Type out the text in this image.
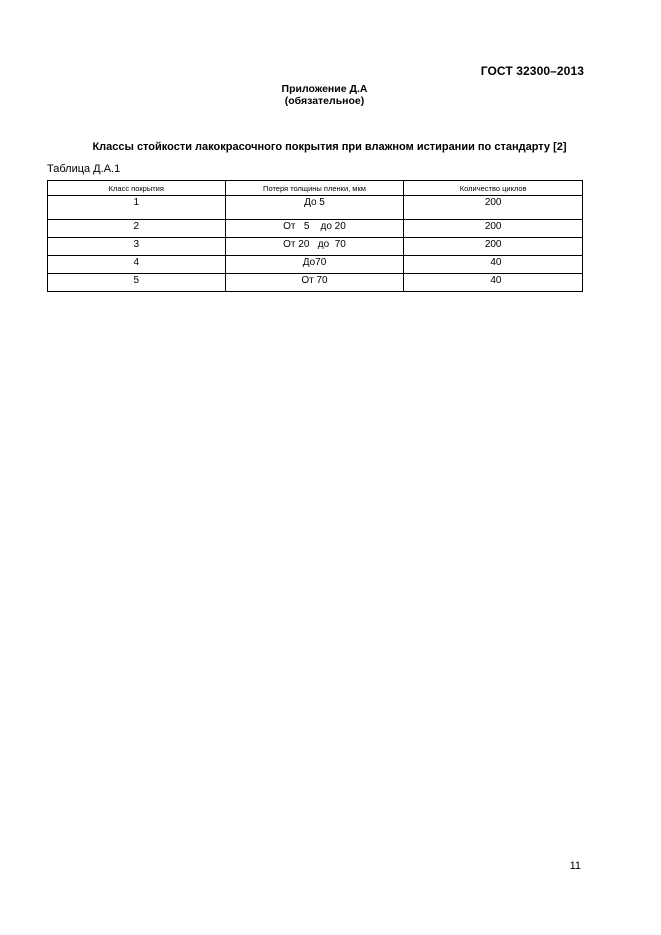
ГОСТ 32300–2013
Приложение Д.А
(обязательное)
Классы стойкости лакокрасочного покрытия при влажном истирании по стандарту [2]
Таблица Д.А.1
Класс покрытия	Потеря толщины пленки, мкм	Количество циклов
1	До 5	200
2	От   5    до 20	200
3	От 20   до  70	200
4	До70	40
5	От 70	40
11
